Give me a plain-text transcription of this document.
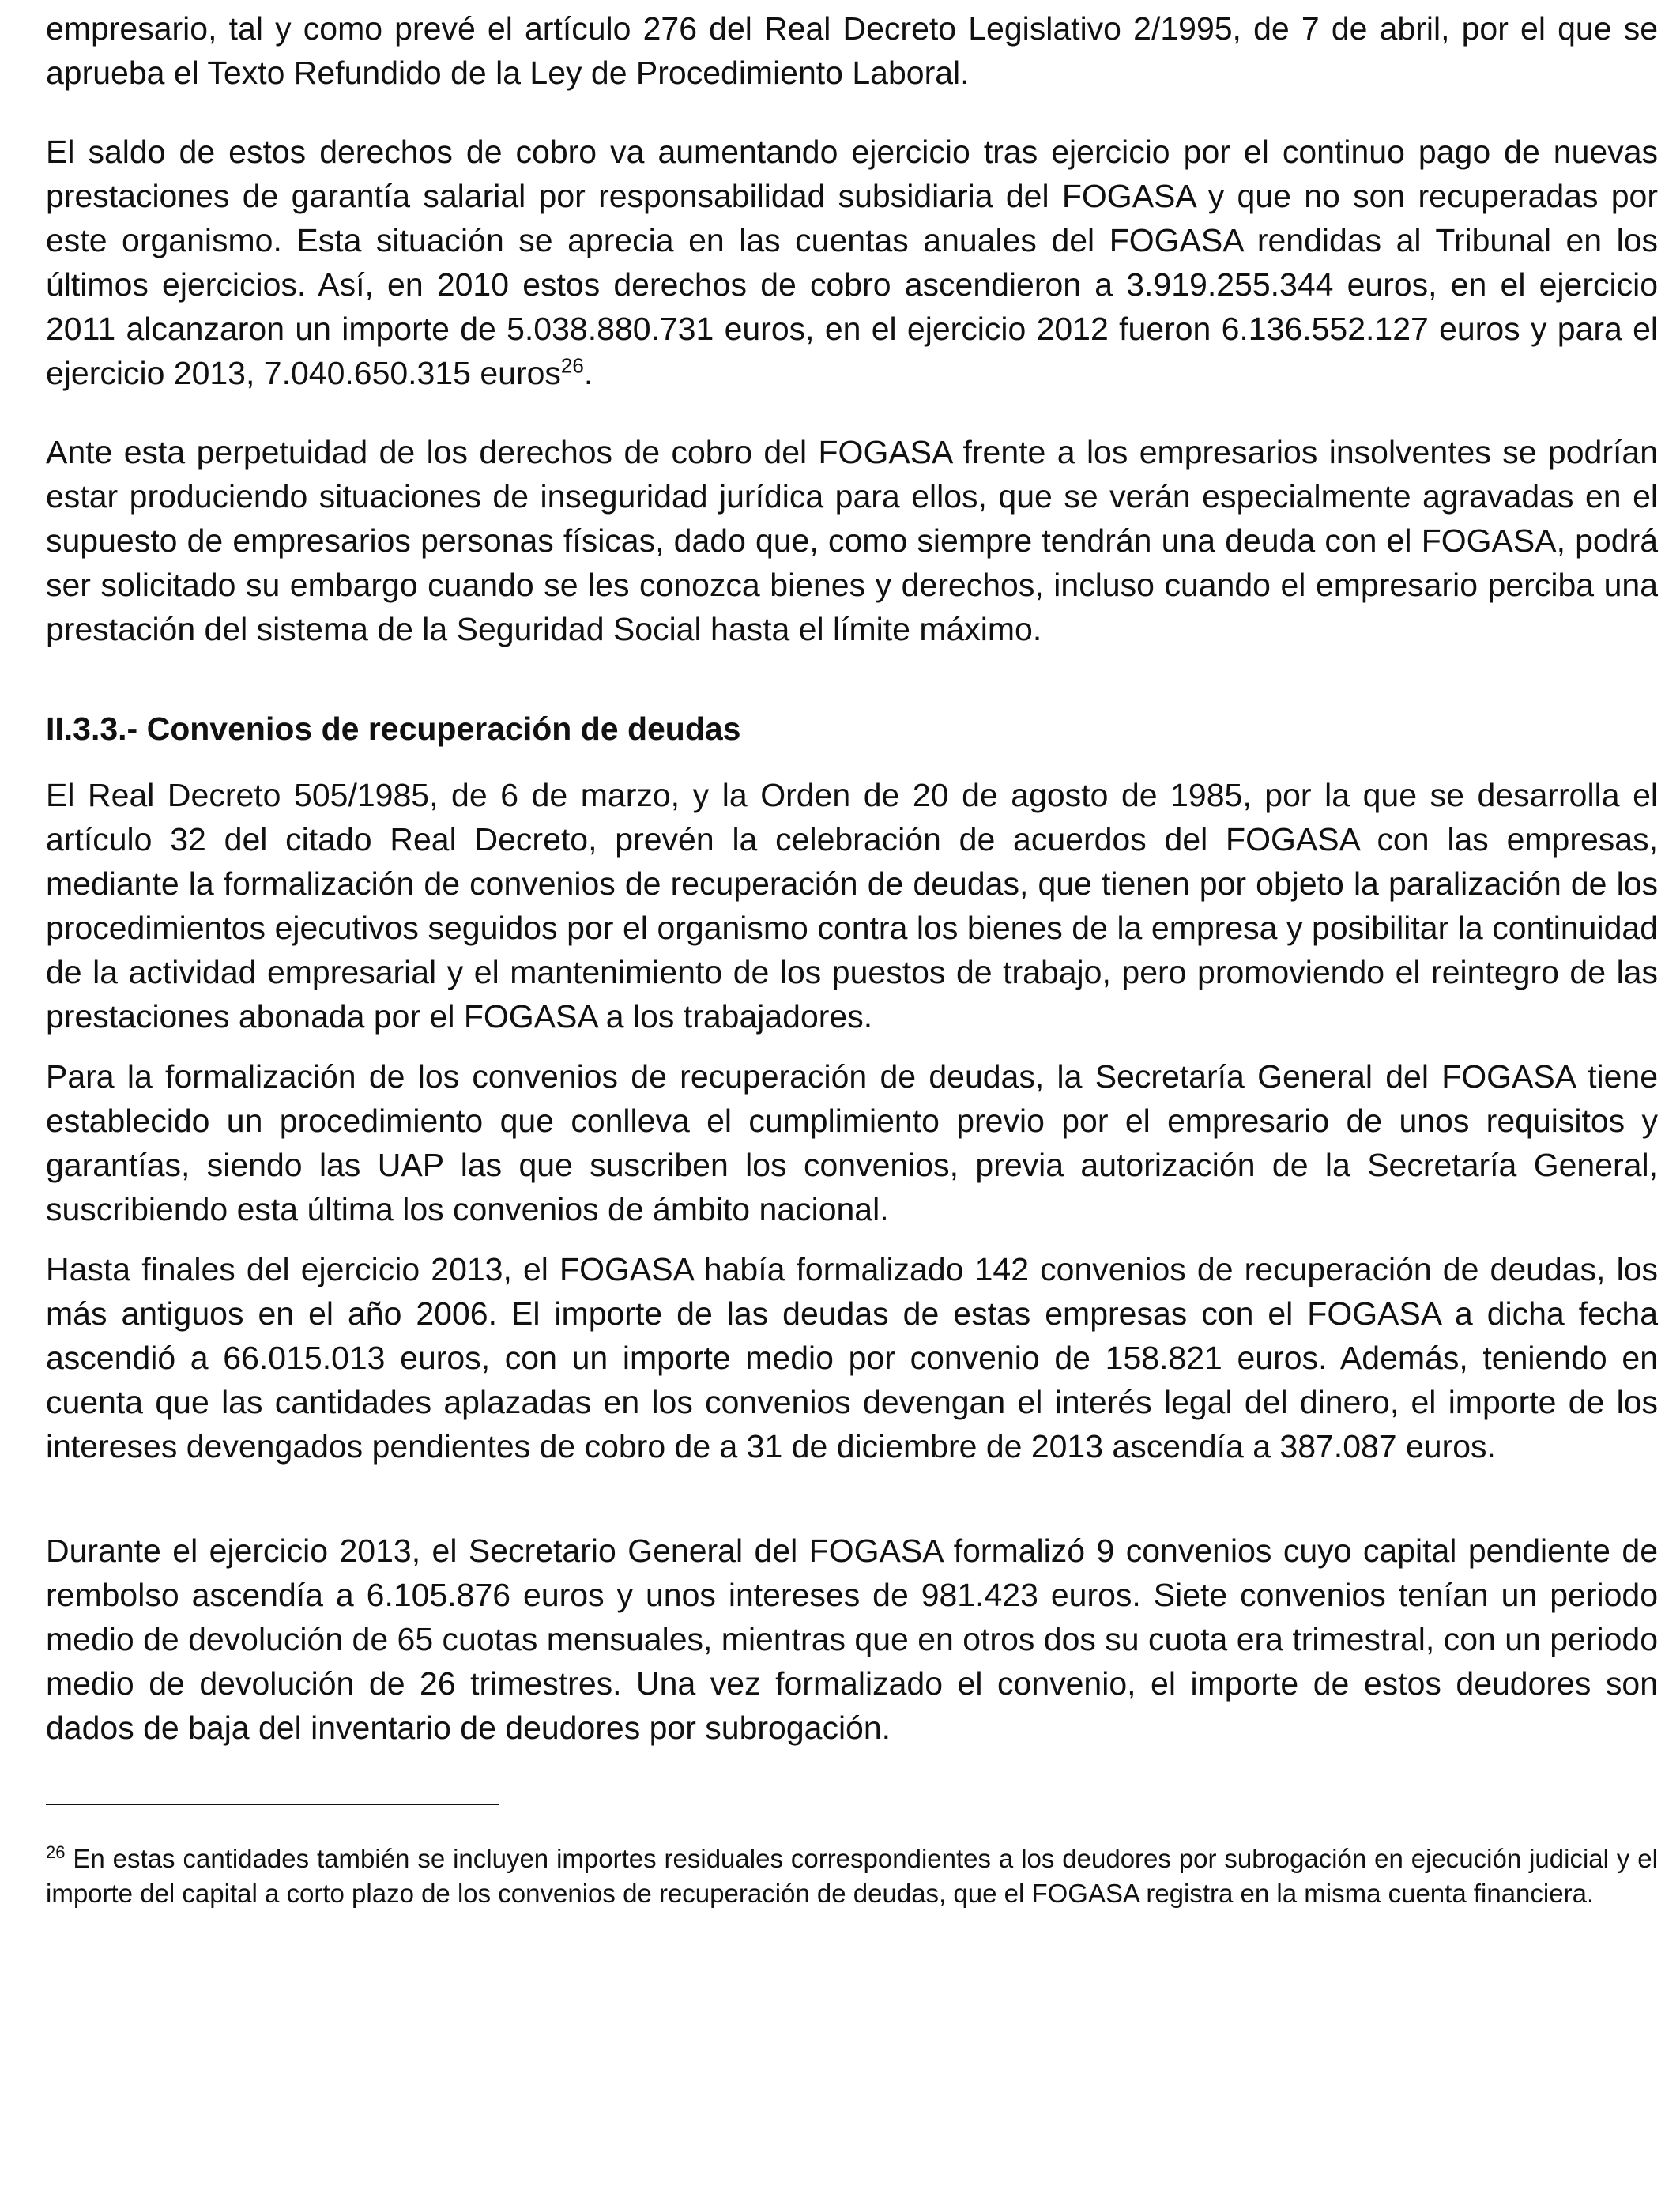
empresario, tal y como prevé el artículo 276 del Real Decreto Legislativo 2/1995, de 7 de abril, por el que se aprueba el Texto Refundido de la Ley de Procedimiento Laboral.

El saldo de estos derechos de cobro va aumentando ejercicio tras ejercicio por el continuo pago de nuevas prestaciones de garantía salarial por responsabilidad subsidiaria del FOGASA y que no son recuperadas por este organismo. Esta situación se aprecia en las cuentas anuales del FOGASA rendidas al Tribunal en los últimos ejercicios. Así, en 2010 estos derechos de cobro ascendieron a 3.919.255.344 euros, en el ejercicio 2011 alcanzaron un importe de 5.038.880.731 euros, en el ejercicio 2012 fueron 6.136.552.127 euros y para el ejercicio 2013, 7.040.650.315 euros$^{26}$.

Ante esta perpetuidad de los derechos de cobro del FOGASA frente a los empresarios insolventes se podrían estar produciendo situaciones de inseguridad jurídica para ellos, que se verán especialmente agravadas en el supuesto de empresarios personas físicas, dado que, como siempre tendrán una deuda con el FOGASA, podrá ser solicitado su embargo cuando se les conozca bienes y derechos, incluso cuando el empresario perciba una prestación del sistema de la Seguridad Social hasta el límite máximo.

II.3.3.- Convenios de recuperación de deudas

El Real Decreto 505/1985, de 6 de marzo, y la Orden de 20 de agosto de 1985, por la que se desarrolla el artículo 32 del citado Real Decreto, prevén la celebración de acuerdos del FOGASA con las empresas, mediante la formalización de convenios de recuperación de deudas, que tienen por objeto la paralización de los procedimientos ejecutivos seguidos por el organismo contra los bienes de la empresa y posibilitar la continuidad de la actividad empresarial y el mantenimiento de los puestos de trabajo, pero promoviendo el reintegro de las prestaciones abonada por el FOGASA a los trabajadores.

Para la formalización de los convenios de recuperación de deudas, la Secretaría General del FOGASA tiene establecido un procedimiento que conlleva el cumplimiento previo por el empresario de unos requisitos y garantías, siendo las UAP las que suscriben los convenios, previa autorización de la Secretaría General, suscribiendo esta última los convenios de ámbito nacional.

Hasta finales del ejercicio 2013, el FOGASA había formalizado 142 convenios de recuperación de deudas, los más antiguos en el año 2006. El importe de las deudas de estas empresas con el FOGASA a dicha fecha ascendió a 66.015.013 euros, con un importe medio por convenio de 158.821 euros. Además, teniendo en cuenta que las cantidades aplazadas en los convenios devengan el interés legal del dinero, el importe de los intereses devengados pendientes de cobro de a 31 de diciembre de 2013 ascendía a 387.087 euros.

Durante el ejercicio 2013, el Secretario General del FOGASA formalizó 9 convenios cuyo capital pendiente de rembolso ascendía a 6.105.876 euros y unos intereses de 981.423 euros. Siete convenios tenían un periodo medio de devolución de 65 cuotas mensuales, mientras que en otros dos su cuota era trimestral, con un periodo medio de devolución de 26 trimestres. Una vez formalizado el convenio, el importe de estos deudores son dados de baja del inventario de deudores por subrogación.

$^{26}$ En estas cantidades también se incluyen importes residuales correspondientes a los deudores por subrogación en ejecución judicial y el importe del capital a corto plazo de los convenios de recuperación de deudas, que el FOGASA registra en la misma cuenta financiera.
